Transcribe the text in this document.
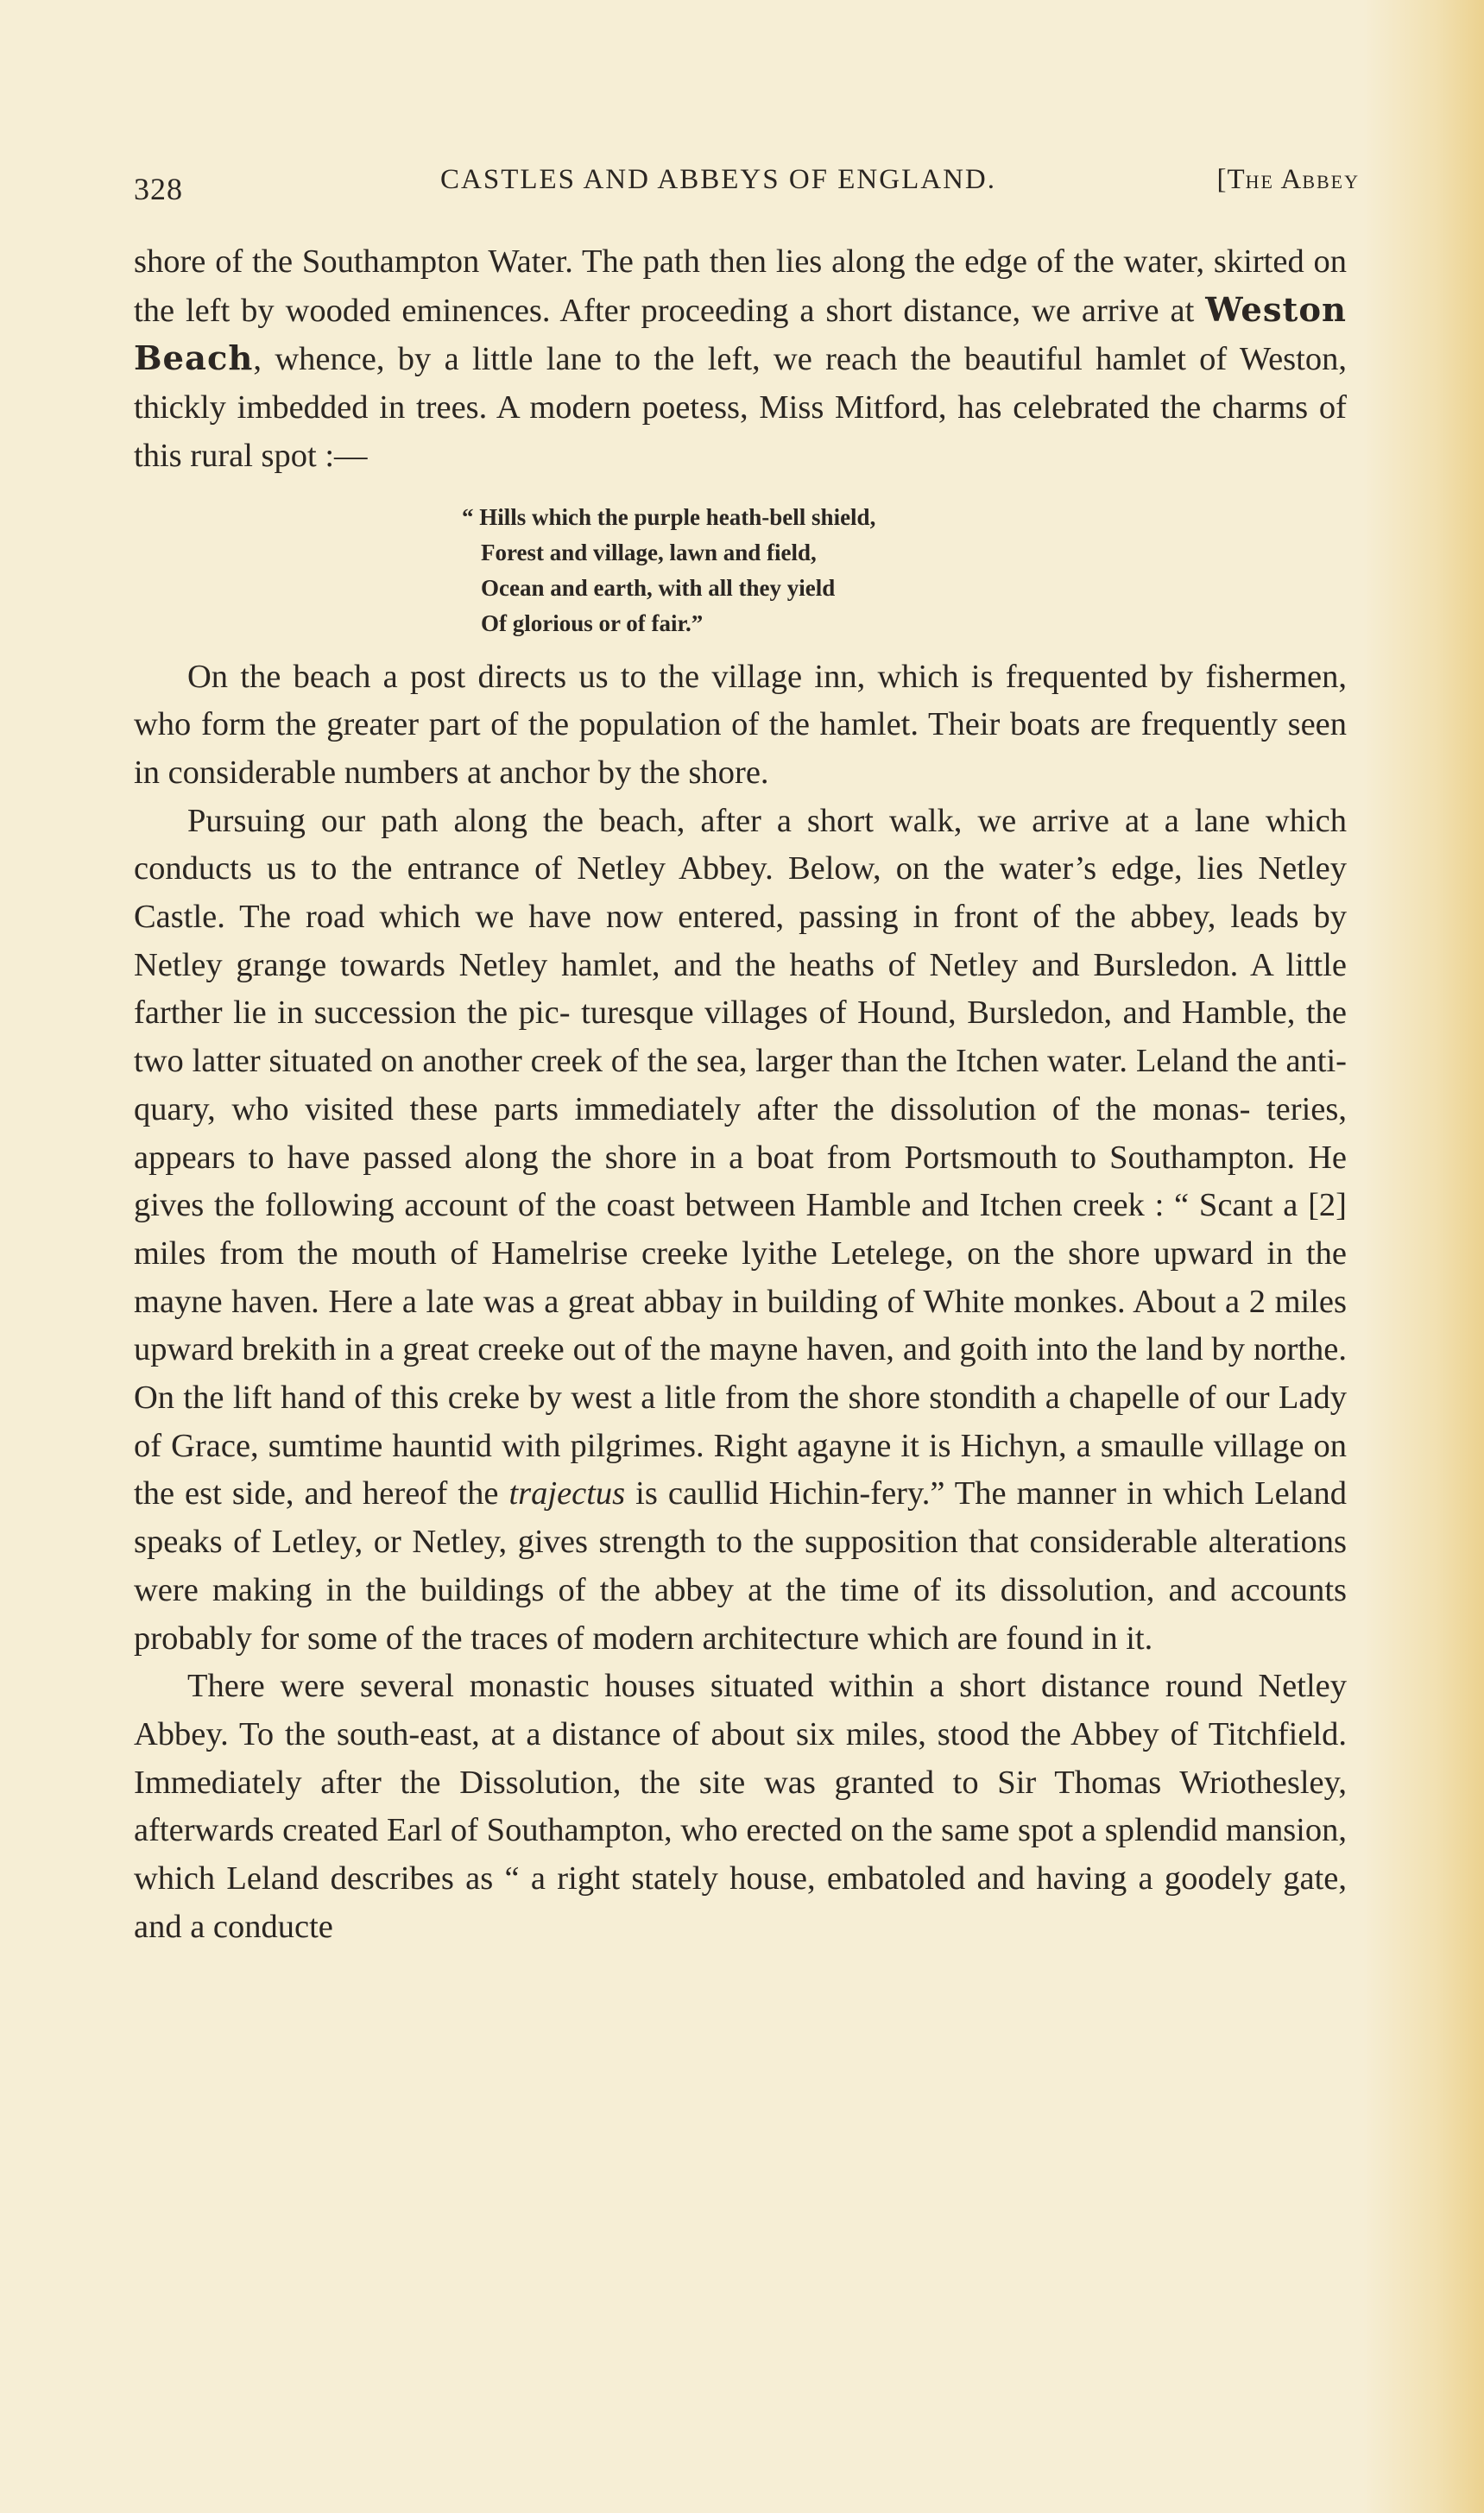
328	CASTLES AND ABBEYS OF ENGLAND.	[THE ABBEY

shore of the Southampton Water. The path then lies along the edge of the water, skirted on the left by wooded eminences. After proceeding a short distance, we arrive at Weston Beach, whence, by a little lane to the left, we reach the beautiful hamlet of Weston, thickly imbedded in trees. A modern poetess, Miss Mitford, has celebrated the charms of this rural spot :—

“ Hills which the purple heath-bell shield,
Forest and village, lawn and field,
Ocean and earth, with all they yield
Of glorious or of fair.”

On the beach a post directs us to the village inn, which is frequented by fishermen, who form the greater part of the population of the hamlet. Their boats are frequently seen in considerable numbers at anchor by the shore.

Pursuing our path along the beach, after a short walk, we arrive at a lane which conducts us to the entrance of Netley Abbey. Below, on the water’s edge, lies Netley Castle. The road which we have now entered, passing in front of the abbey, leads by Netley grange towards Netley hamlet, and the heaths of Netley and Bursledon. A little farther lie in succession the pic- turesque villages of Hound, Bursledon, and Hamble, the two latter situated on another creek of the sea, larger than the Itchen water. Leland the anti- quary, who visited these parts immediately after the dissolution of the monas- teries, appears to have passed along the shore in a boat from Portsmouth to Southampton. He gives the following account of the coast between Hamble and Itchen creek : “ Scant a [2] miles from the mouth of Hamelrise creeke lyithe Letelege, on the shore upward in the mayne haven. Here a late was a great abbay in building of White monkes. About a 2 miles upward brekith in a great creeke out of the mayne haven, and goith into the land by northe. On the lift hand of this creke by west a litle from the shore stondith a chapelle of our Lady of Grace, sumtime hauntid with pilgrimes. Right agayne it is Hichyn, a smaulle village on the est side, and hereof the trajectus is caullid Hichin-fery.” The manner in which Leland speaks of Letley, or Netley, gives strength to the supposition that considerable alterations were making in the buildings of the abbey at the time of its dissolution, and accounts probably for some of the traces of modern architecture which are found in it.

There were several monastic houses situated within a short distance round Netley Abbey. To the south-east, at a distance of about six miles, stood the Abbey of Titchfield. Immediately after the Dissolution, the site was granted to Sir Thomas Wriothesley, afterwards created Earl of Southampton, who erected on the same spot a splendid mansion, which Leland describes as “ a right stately house, embatoled and having a goodely gate, and a conducte
